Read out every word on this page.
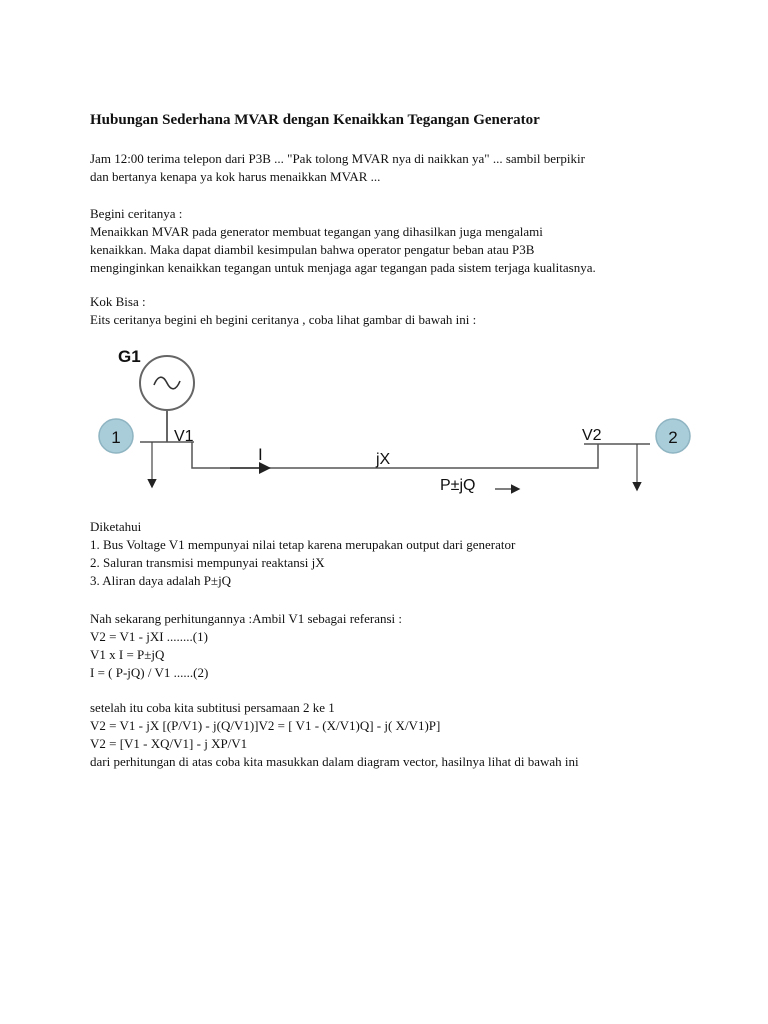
Hubungan Sederhana MVAR dengan Kenaikkan Tegangan Generator
Jam 12:00 terima telepon dari P3B ... "Pak tolong MVAR nya di naikkan ya" ... sambil berpikir
dan bertanya kenapa ya kok harus menaikkan MVAR ...
Begini ceritanya :
Menaikkan MVAR pada generator membuat tegangan yang dihasilkan juga mengalami
kenaikkan. Maka dapat diambil kesimpulan bahwa operator pengatur beban atau P3B
menginginkan kenaikkan tegangan untuk menjaga agar tegangan pada sistem terjaga kualitasnya.
Kok Bisa :
Eits ceritanya begini eh begini ceritanya , coba lihat gambar di bawah ini :
Diketahui
1. Bus Voltage V1 mempunyai nilai tetap karena merupakan output dari generator
2. Saluran transmisi mempunyai reaktansi jX
3. Aliran daya adalah P±jQ
Nah sekarang perhitungannya :Ambil V1 sebagai referansi :
V2 = V1 - jXI ........(1)
V1 x I = P±jQ
I = ( P-jQ) / V1 ......(2)
setelah itu coba kita subtitusi persamaan 2 ke 1
V2 = V1 - jX [(P/V1) - j(Q/V1)]V2 = [ V1 - (X/V1)Q] - j( X/V1)P]
V2 = [V1 - XQ/V1] - j XP/V1
dari perhitungan di atas coba kita masukkan dalam diagram vector, hasilnya lihat di bawah ini
G1
1	V1
I	jX
P±jQ
V2	2
